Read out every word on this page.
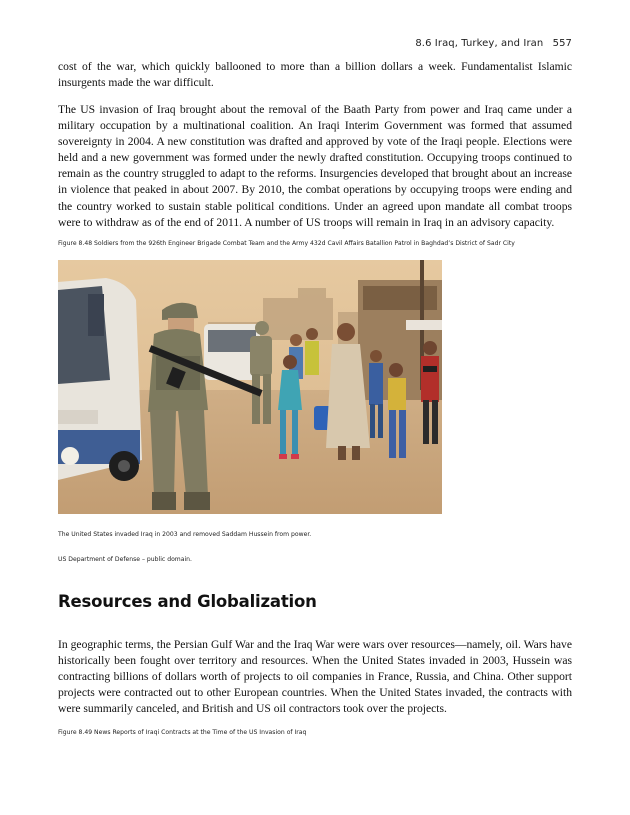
8.6 Iraq, Turkey, and Iran 557

cost of the war, which quickly ballooned to more than a billion dollars a week. Fundamentalist Islamic insurgents made the war difficult.

The US invasion of Iraq brought about the removal of the Baath Party from power and Iraq came under a military occupation by a multinational coalition. An Iraqi Interim Government was formed that assumed sovereignty in 2004. A new constitution was drafted and approved by vote of the Iraqi people. Elections were held and a new government was formed under the newly drafted constitution. Occupying troops continued to remain as the country struggled to adapt to the reforms. Insurgencies developed that brought about an increase in violence that peaked in about 2007. By 2010, the combat operations by occupying troops were ending and the country worked to sustain stable political conditions. Under an agreed upon mandate all combat troops were to withdraw as of the end of 2011. A number of US troops will remain in Iraq in an advisory capacity.

Figure 8.48 Soldiers from the 926th Engineer Brigade Combat Team and the Army 432d Cavil Affairs Batallion Patrol in Baghdad’s District of Sadr City

The United States invaded Iraq in 2003 and removed Saddam Hussein from power.

US Department of Defense – public domain.

Resources and Globalization

In geographic terms, the Persian Gulf War and the Iraq War were wars over resources—namely, oil. Wars have historically been fought over territory and resources. When the United States invaded in 2003, Hussein was contracting billions of dollars worth of projects to oil companies in France, Russia, and China. Other support projects were contracted out to other European countries. When the United States invaded, the contracts with were summarily canceled, and British and US oil contractors took over the projects.

Figure 8.49 News Reports of Iraqi Contracts at the Time of the US Invasion of Iraq
